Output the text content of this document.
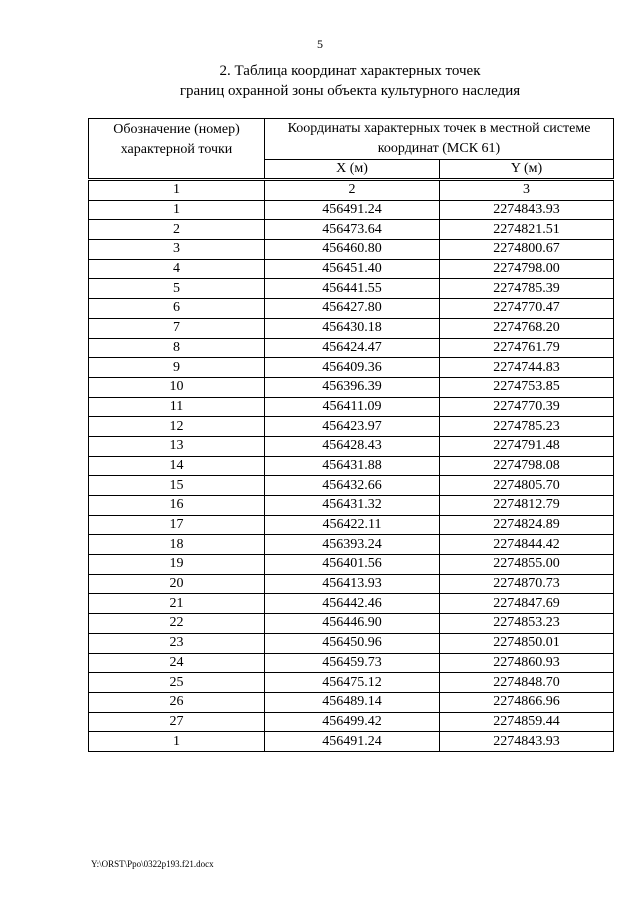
5
2. Таблица координат характерных точек
границ охранной зоны объекта культурного наследия
Обозначение (номер) характерной точки	Координаты характерных точек в местной системе координат (МСК 61)	
	X (м)	Y (м)
1	2	3
1	456491.24	2274843.93
2	456473.64	2274821.51
3	456460.80	2274800.67
4	456451.40	2274798.00
5	456441.55	2274785.39
6	456427.80	2274770.47
7	456430.18	2274768.20
8	456424.47	2274761.79
9	456409.36	2274744.83
10	456396.39	2274753.85
11	456411.09	2274770.39
12	456423.97	2274785.23
13	456428.43	2274791.48
14	456431.88	2274798.08
15	456432.66	2274805.70
16	456431.32	2274812.79
17	456422.11	2274824.89
18	456393.24	2274844.42
19	456401.56	2274855.00
20	456413.93	2274870.73
21	456442.46	2274847.69
22	456446.90	2274853.23
23	456450.96	2274850.01
24	456459.73	2274860.93
25	456475.12	2274848.70
26	456489.14	2274866.96
27	456499.42	2274859.44
1	456491.24	2274843.93
Y:\ORST\Ppo\0322p193.f21.docx
